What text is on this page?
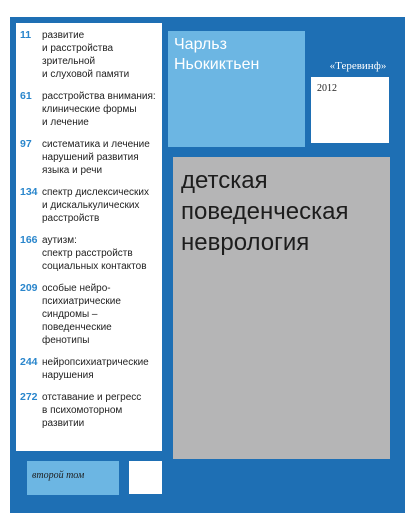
11	развитие
и расстройства
зрительной
и слуховой памяти
61	расстройства внимания:
клинические формы
и лечение
97	систематика и лечение
нарушений развития
языка и речи
134 спектр дислексических
и дискалькулических
расстройств
166 аутизм:
спектр расстройств
социальных контактов
209 особые нейро-
психиатрические
синдромы –
поведенческие
фенотипы
244 нейропсихиатрические
нарушения
272 отставание и регресс
в психомоторном
развитии
Чарльз
Ньокиктьен	«Теревинф»
2012
детская
поведенческая
неврология
второй том
